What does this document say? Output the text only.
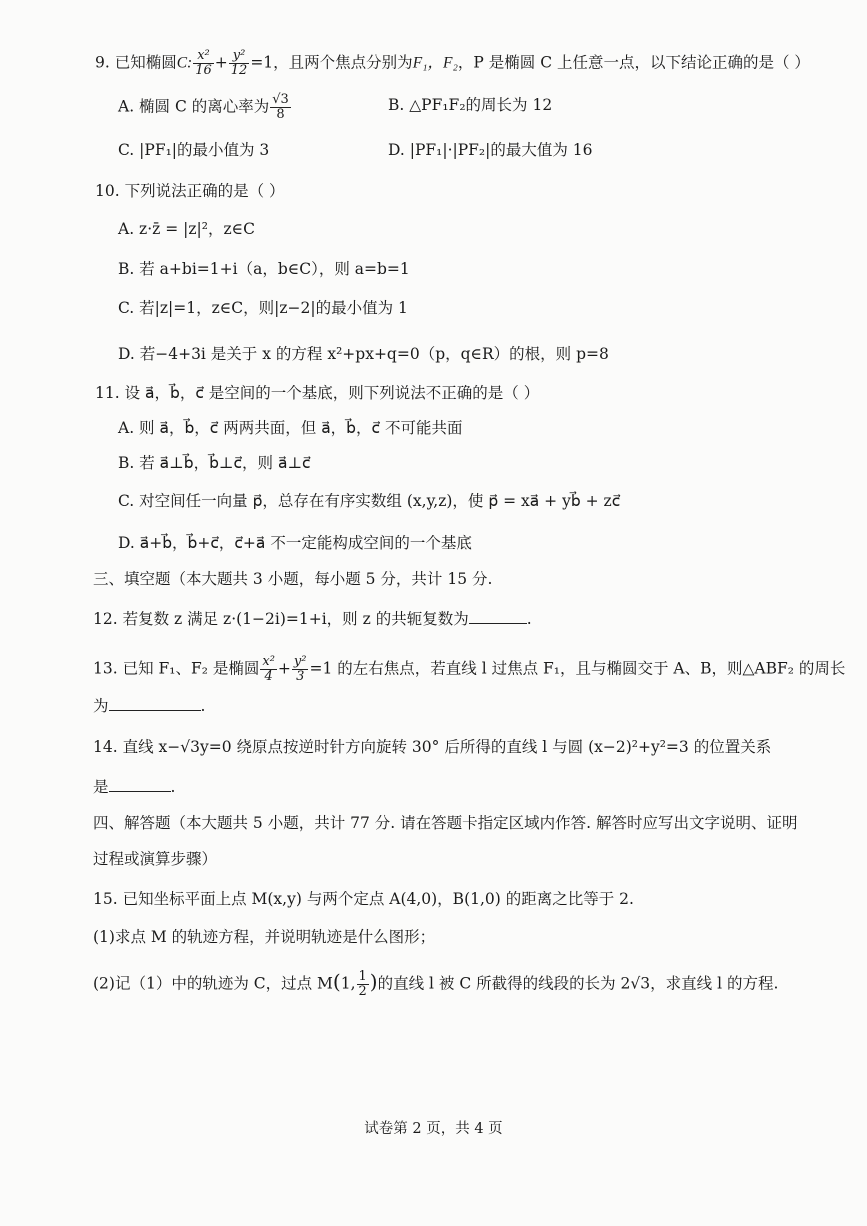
9. 已知椭圆C: $\frac{\text{x²}}{16} + \frac{\text{y²}}{12} =1$，且两个焦点分别为F₁，F₂，P 是椭圆 C 上任意一点，以下结论正确的是（ ）
A. 椭圆 C 的离心率为 $\frac{√3}{8}$	B. △PF₁F₂的周长为 12
C. |PF₁|的最小值为 3	D. |PF₁|·|PF₂|的最大值为 16
10. 下列说法正确的是（ ）
A. z·z̄ = |z|²，z∈C
B. 若 a+bi=1+i（a，b∈C），则 a=b=1
C. 若|z|=1，z∈C，则|z−2|的最小值为 1
D. 若−4+3i 是关于 x 的方程 x²+px+q=0（p，q∈R）的根，则 p=8
11. 设 a⃗，b⃗，c⃗ 是空间的一个基底，则下列说法不正确的是（ ）
A. 则 a⃗，b⃗，c⃗ 两两共面，但 a⃗，b⃗，c⃗ 不可能共面
B. 若 a⃗⊥b⃗，b⃗⊥c⃗，则 a⃗⊥c⃗
C. 对空间任一向量 p⃗，总存在有序实数组 (x,y,z)，使 p⃗ = xa⃗ + yb⃗ + zc⃗
D. a⃗+b⃗，b⃗+c⃗，c⃗+a⃗ 不一定能构成空间的一个基底
三、填空题（本大题共 3 小题，每小题 5 分，共计 15 分.
12. 若复数 z 满足 z·(1−2i)=1+i，则 z 的共轭复数为	.
13. 已知 F₁、F₂ 是椭圆 $\frac{\text{x²}}{4} + \frac{\text{y²}}{3} =1$ 的左右焦点，若直线 l 过焦点 F₁，且与椭圆交于 A、B，则△ABF₂ 的周长
为	.
14. 直线 x−√3y=0 绕原点按逆时针方向旋转 30° 后所得的直线 l 与圆 (x−2)²+y²=3 的位置关系
是	.
四、解答题（本大题共 5 小题，共计 77 分. 请在答题卡指定区域内作答. 解答时应写出文字说明、证明
过程或演算步骤）
15. 已知坐标平面上点 M(x,y) 与两个定点 A(4,0)，B(1,0) 的距离之比等于 2.
(1)求点 M 的轨迹方程，并说明轨迹是什么图形；
(2)记（1）中的轨迹为 C，过点 M(1, $\frac{1}{2}$ )的直线 l 被 C 所截得的线段的长为 2√3，求直线 l 的方程.
试卷第 2 页，共 4 页
